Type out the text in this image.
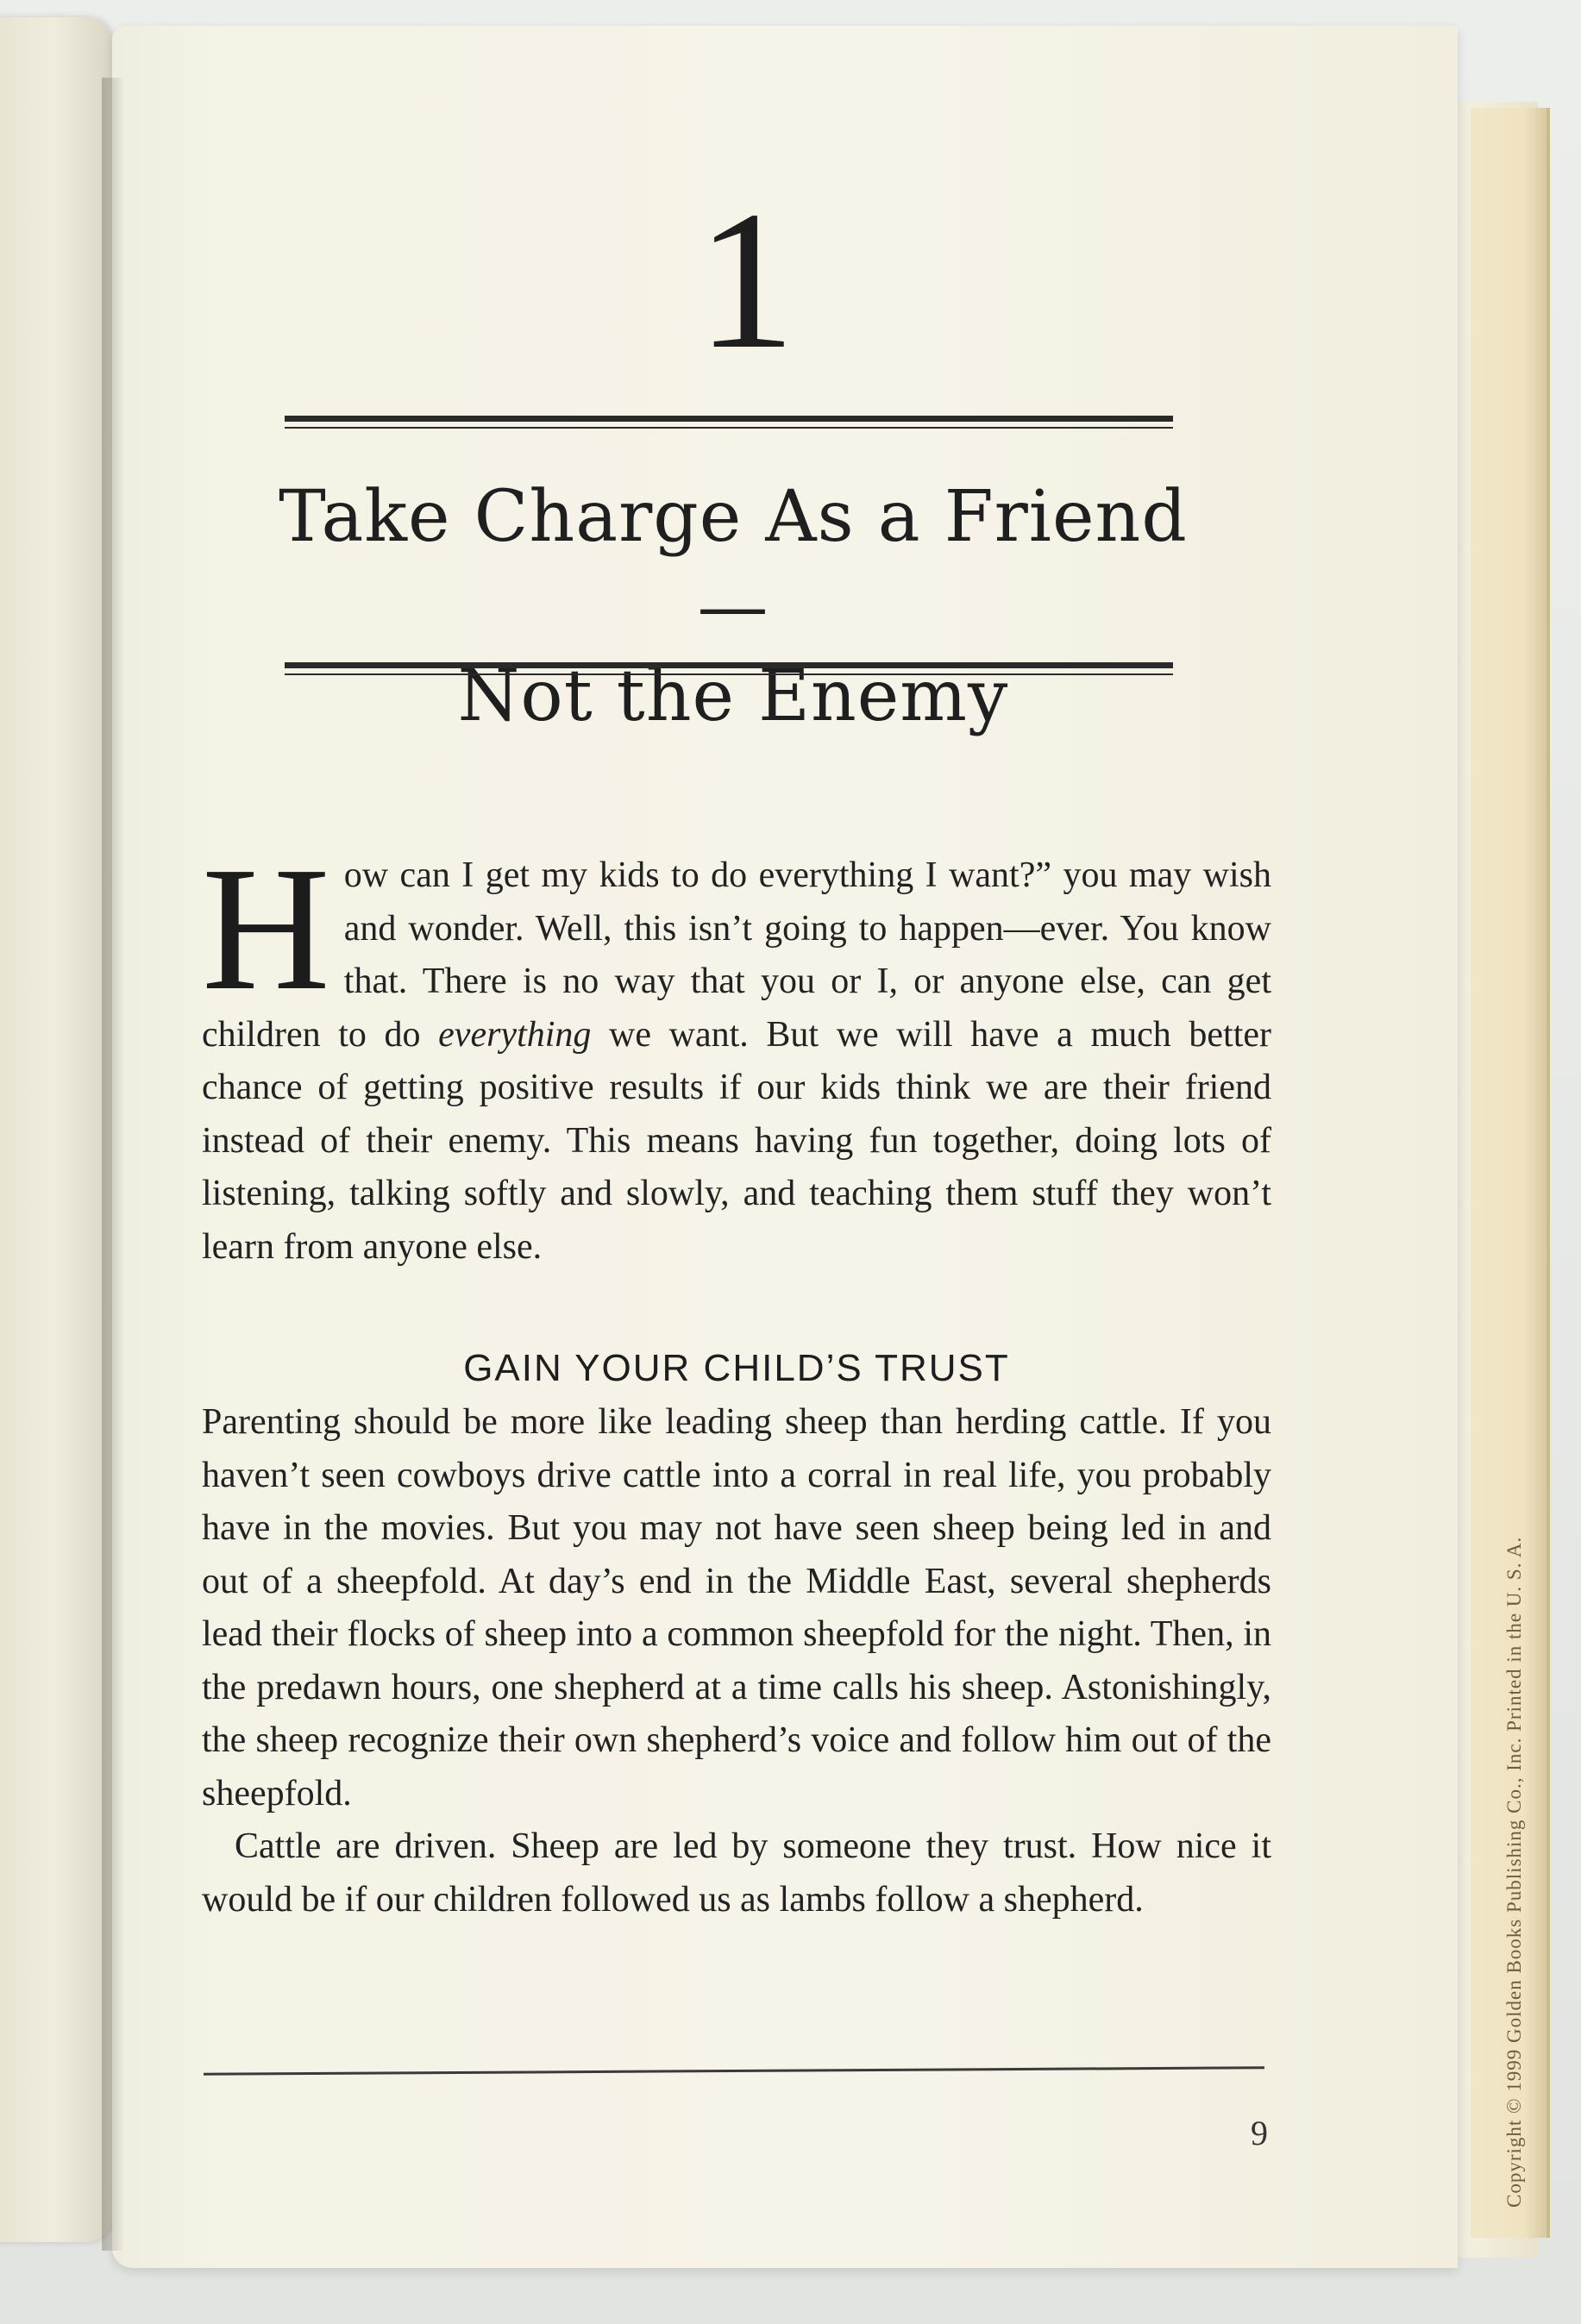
Copyright © 1999 Golden Books Publishing Co., Inc. Printed in the U. S. A.
1
Take Charge As a Friend—
Not the Enemy

How can I get my kids to do everything I want?” you may wish and wonder. Well, this isn’t going to happen—ever. You know that. There is no way that you or I, or anyone else, can get children to do everything we want. But we will have a much better chance of getting positive results if our kids think we are their friend instead of their enemy. This means having fun together, doing lots of listening, talking softly and slowly, and teaching them stuff they won’t learn from anyone else.

GAIN YOUR CHILD’S TRUST

Parenting should be more like leading sheep than herding cattle. If you haven’t seen cowboys drive cattle into a corral in real life, you probably have in the movies. But you may not have seen sheep being led in and out of a sheepfold. At day’s end in the Middle East, several shepherds lead their flocks of sheep into a common sheepfold for the night. Then, in the predawn hours, one shepherd at a time calls his sheep. Astonishingly, the sheep recognize their own shepherd’s voice and follow him out of the sheepfold.

Cattle are driven. Sheep are led by someone they trust. How nice it would be if our children followed us as lambs follow a shepherd.

9
